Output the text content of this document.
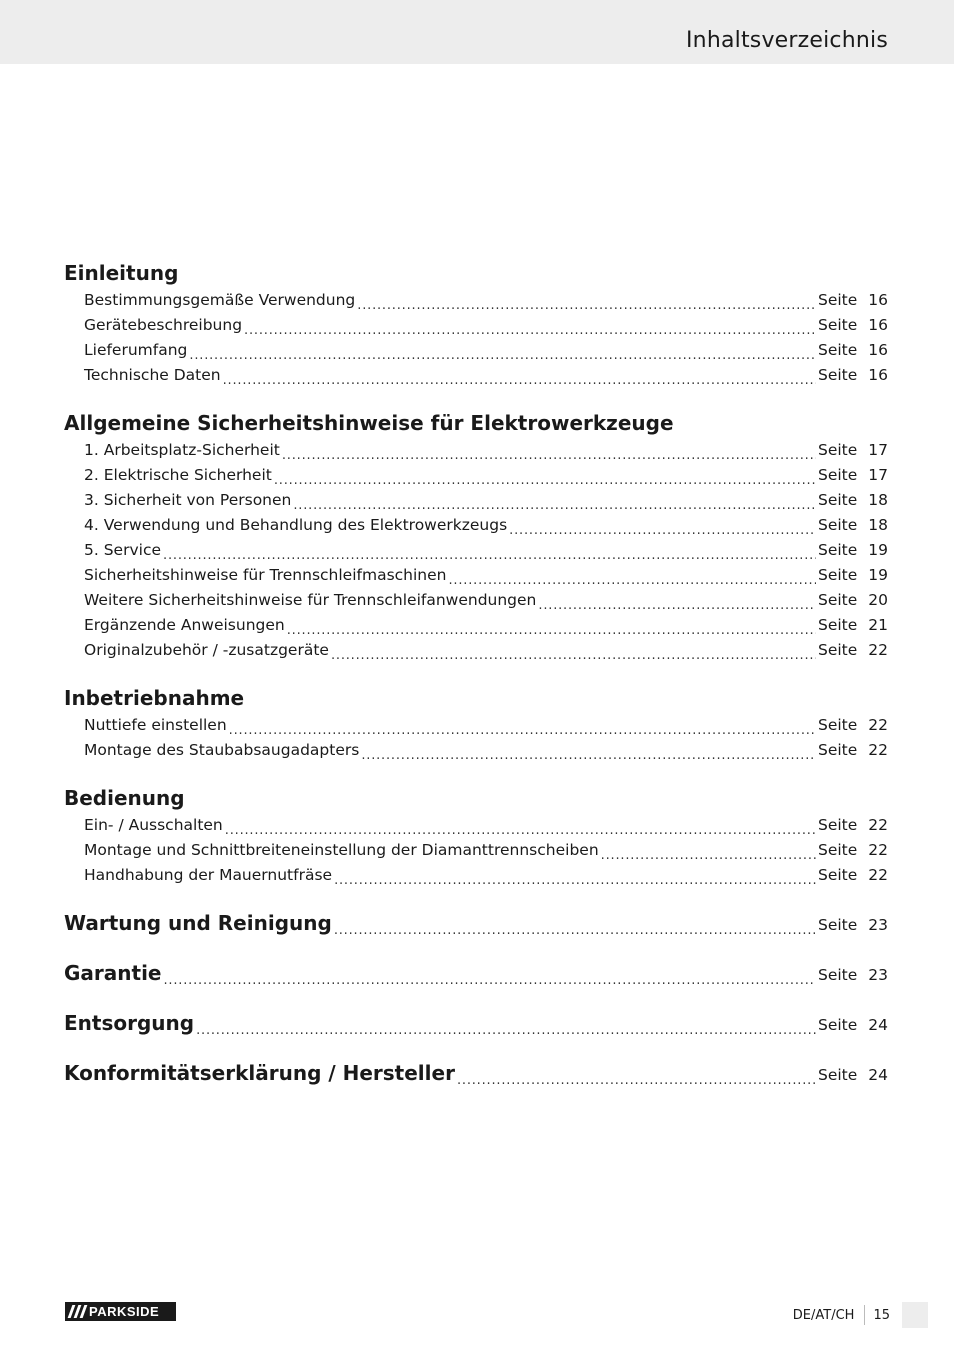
Inhaltsverzeichnis
Einleitung
Bestimmungsgemäße Verwendung .....	Seite 16
Gerätebeschreibung .....	Seite 16
Lieferumfang .....	Seite 16
Technische Daten .....	Seite 16
Allgemeine Sicherheitshinweise für Elektrowerkzeuge
1. Arbeitsplatz-Sicherheit .....	Seite 17
2. Elektrische Sicherheit .....	Seite 17
3. Sicherheit von Personen .....	Seite 18
4. Verwendung und Behandlung des Elektrowerkzeugs .....	Seite 18
5. Service .....	Seite 19
Sicherheitshinweise für Trennschleifmaschinen .....	Seite 19
Weitere Sicherheitshinweise für Trennschleifanwendungen .....	Seite 20
Ergänzende Anweisungen .....	Seite 21
Originalzubehör / -zusatzgeräte .....	Seite 22
Inbetriebnahme
Nuttiefe einstellen .....	Seite 22
Montage des Staubabsaugadapters .....	Seite 22
Bedienung
Ein- / Ausschalten .....	Seite 22
Montage und Schnittbreiteneinstellung der Diamanttrennscheiben .....	Seite 22
Handhabung der Mauernutfräse .....	Seite 22
Wartung und Reinigung .....	Seite 23
Garantie .....	Seite 23
Entsorgung .....	Seite 24
Konformitätserklärung / Hersteller .....	Seite 24
PARKSIDE	DE/AT/CH 15
